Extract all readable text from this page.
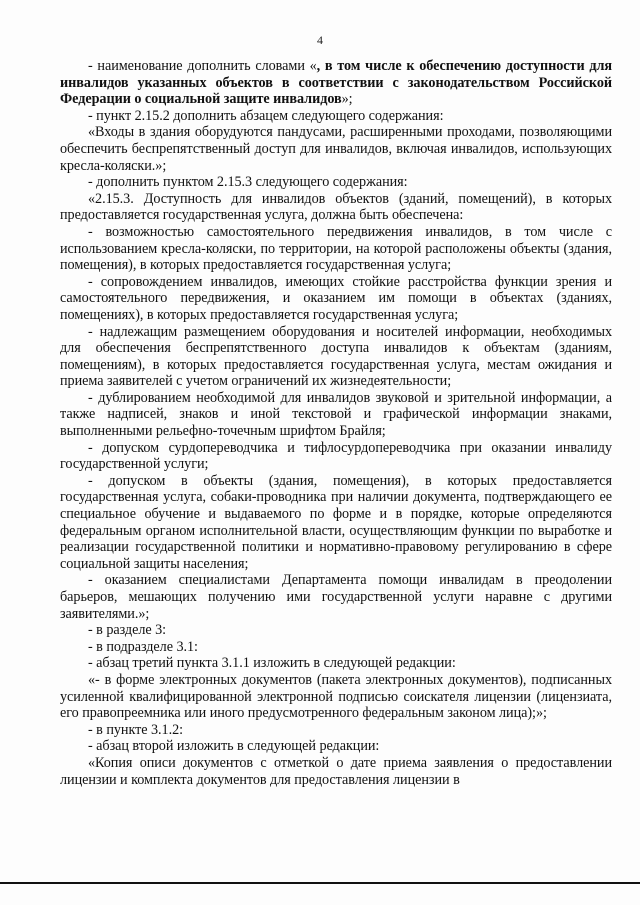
4

- наименование дополнить словами «, в том числе к обеспечению доступности для инвалидов указанных объектов в соответствии с законодательством Российской Федерации о социальной защите инвалидов»;

- пункт 2.15.2 дополнить абзацем следующего содержания:

«Входы в здания оборудуются пандусами, расширенными проходами, позволяющими обеспечить беспрепятственный доступ для инвалидов, включая инвалидов, использующих кресла-коляски.»;

- дополнить пунктом 2.15.3 следующего содержания:

«2.15.3. Доступность для инвалидов объектов (зданий, помещений), в которых предоставляется государственная услуга, должна быть обеспечена:

- возможностью самостоятельного передвижения инвалидов, в том числе с использованием кресла-коляски, по территории, на которой расположены объекты (здания, помещения), в которых предоставляется государственная услуга;

- сопровождением инвалидов, имеющих стойкие расстройства функции зрения и самостоятельного передвижения, и оказанием им помощи в объектах (зданиях, помещениях), в которых предоставляется государственная услуга;

- надлежащим размещением оборудования и носителей информации, необходимых для обеспечения беспрепятственного доступа инвалидов к объектам (зданиям, помещениям), в которых предоставляется государственная услуга, местам ожидания и приема заявителей с учетом ограничений их жизнедеятельности;

- дублированием необходимой для инвалидов звуковой и зрительной информации, а также надписей, знаков и иной текстовой и графической информации знаками, выполненными рельефно-точечным шрифтом Брайля;

- допуском сурдопереводчика и тифлосурдопереводчика при оказании инвалиду государственной услуги;

- допуском в объекты (здания, помещения), в которых предоставляется государственная услуга, собаки-проводника при наличии документа, подтверждающего ее специальное обучение и выдаваемого по форме и в порядке, которые определяются федеральным органом исполнительной власти, осуществляющим функции по выработке и реализации государственной политики и нормативно-правовому регулированию в сфере социальной защиты населения;

- оказанием специалистами Департамента помощи инвалидам в преодолении барьеров, мешающих получению ими государственной услуги наравне с другими заявителями.»;

- в разделе 3:

- в подразделе 3.1:

- абзац третий пункта 3.1.1 изложить в следующей редакции:

«- в форме электронных документов (пакета электронных документов), подписанных усиленной квалифицированной электронной подписью соискателя лицензии (лицензиата, его правопреемника или иного предусмотренного федеральным законом лица);»;

- в пункте 3.1.2:

- абзац второй изложить в следующей редакции:

«Копия описи документов с отметкой о дате приема заявления о предоставлении лицензии и комплекта документов для предоставления лицензии в
